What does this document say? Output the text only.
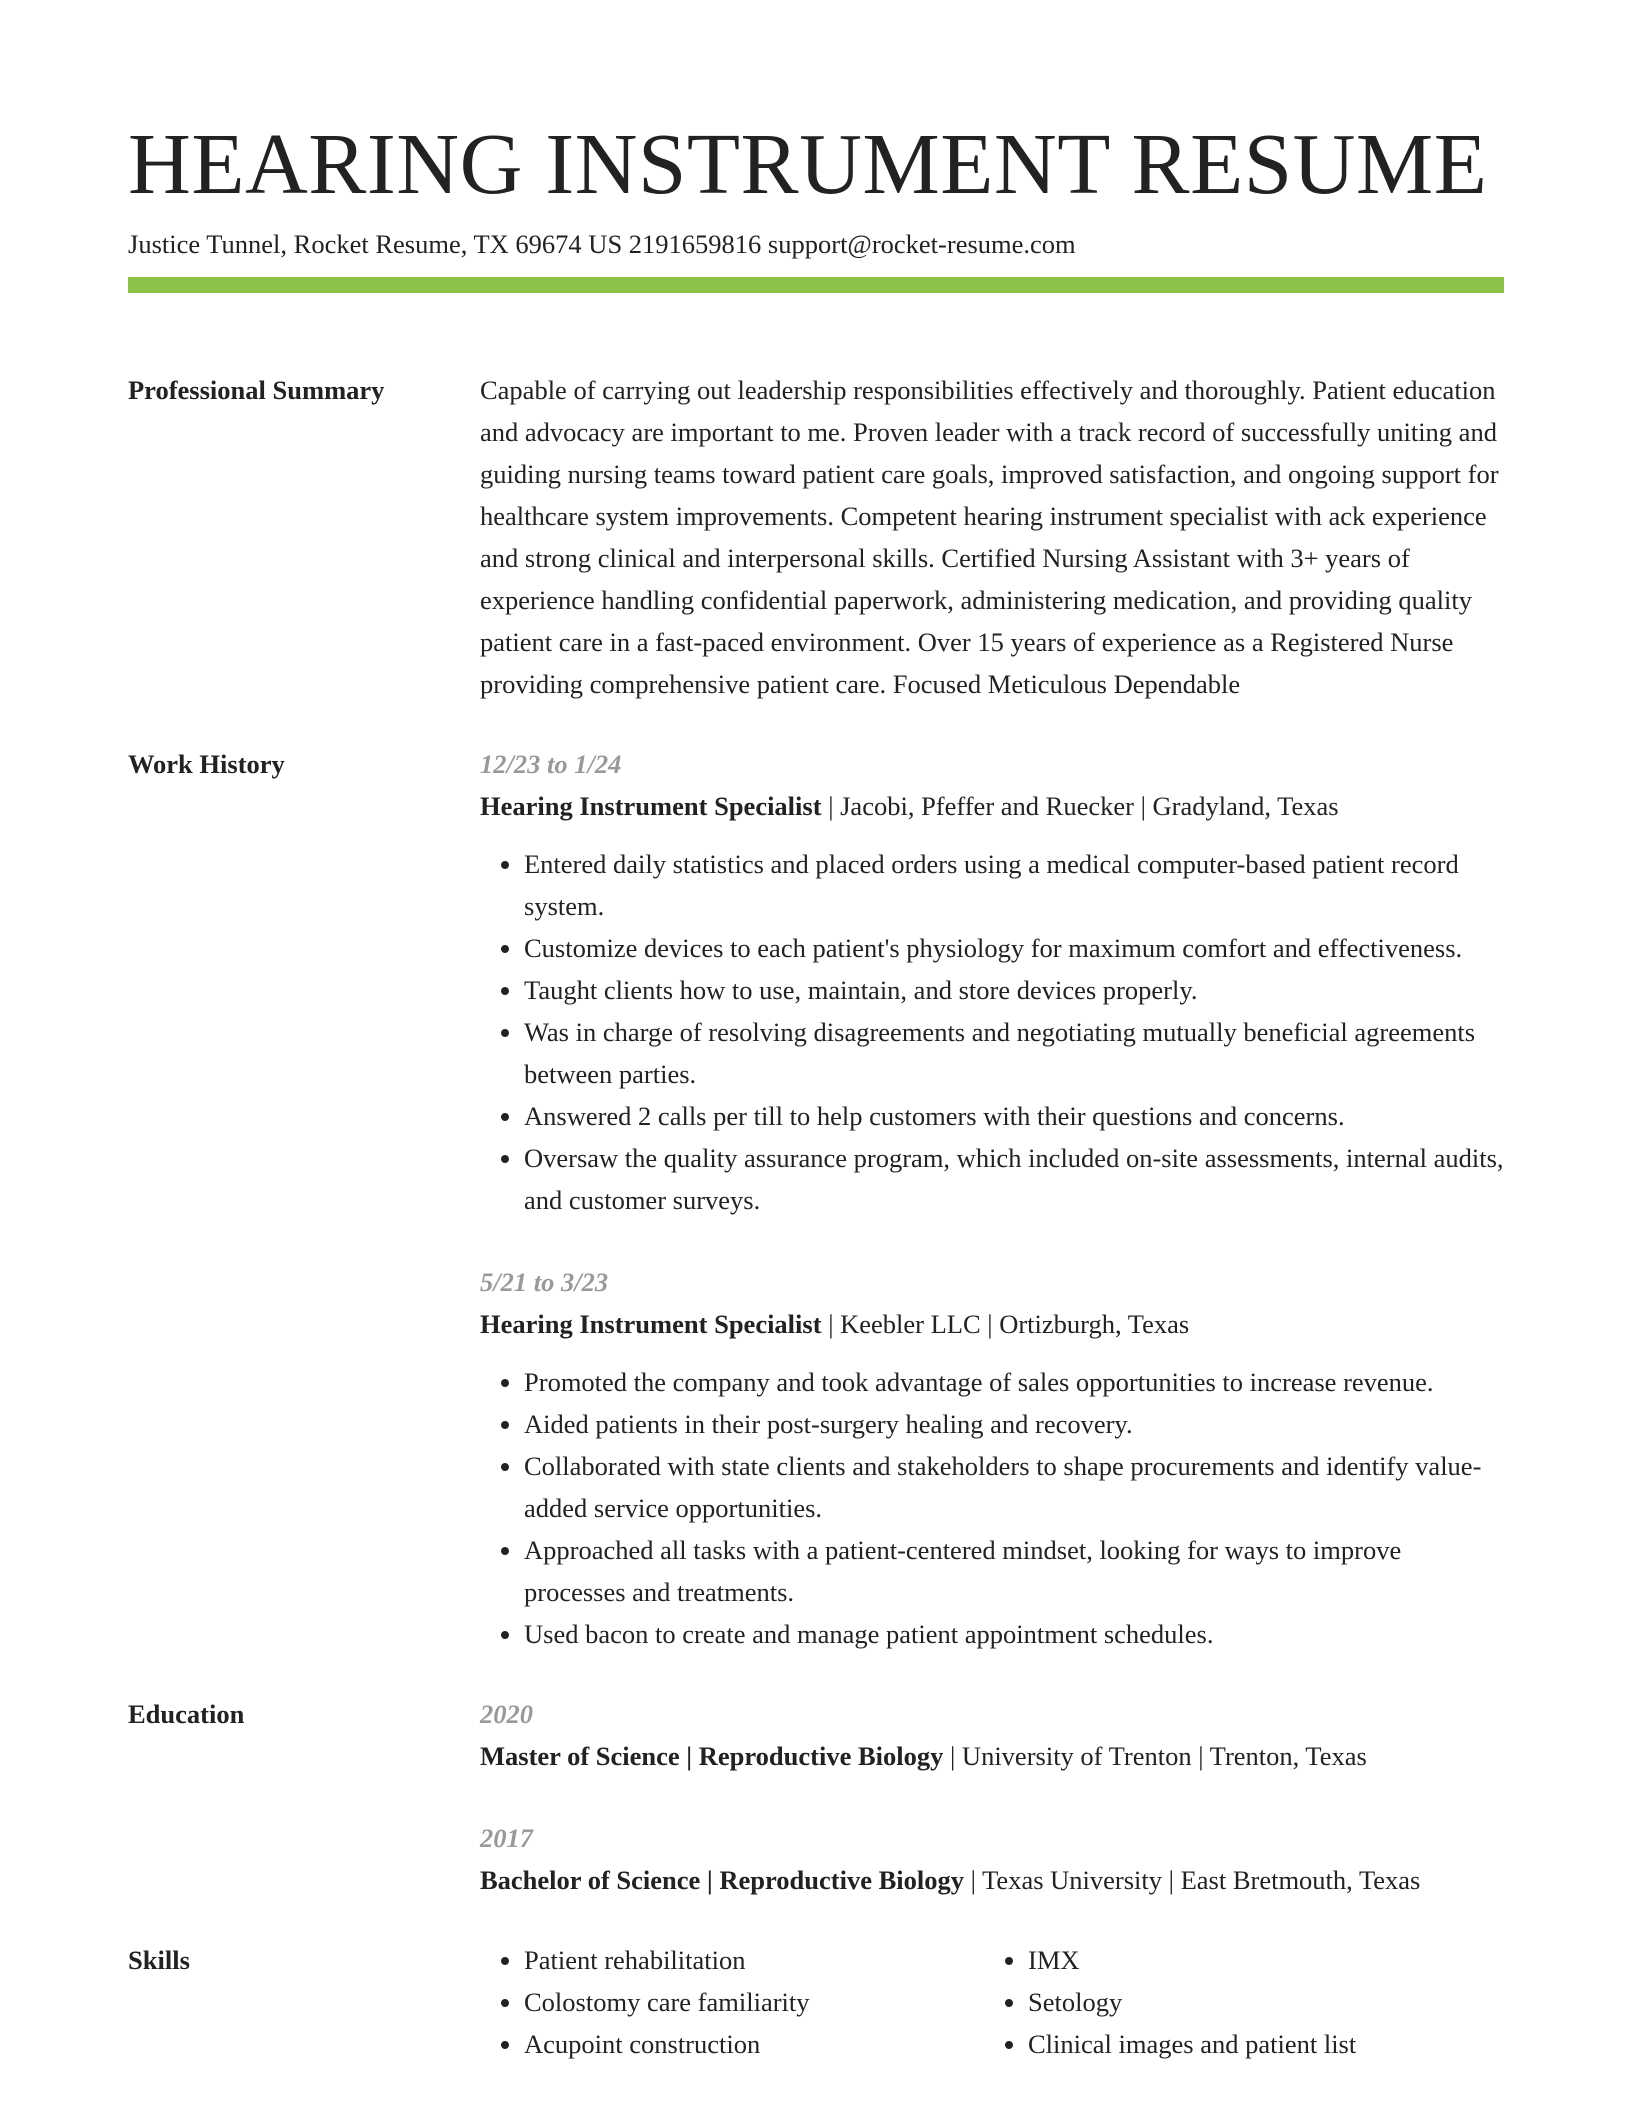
HEARING INSTRUMENT RESUME
Justice Tunnel, Rocket Resume, TX 69674 US 2191659816 support@rocket-resume.com
Professional Summary	Capable of carrying out leadership responsibilities effectively and thoroughly. Patient education and advocacy are important to me. Proven leader with a track record of successfully uniting and guiding nursing teams toward patient care goals, improved satisfaction, and ongoing support for healthcare system improvements. Competent hearing instrument specialist with ack experience and strong clinical and interpersonal skills. Certified Nursing Assistant with 3+ years of experience handling confidential paperwork, administering medication, and providing quality patient care in a fast-paced environment. Over 15 years of experience as a Registered Nurse providing comprehensive patient care. Focused Meticulous Dependable
Work History	12/23 to 1/24
Hearing Instrument Specialist | Jacobi, Pfeffer and Ruecker | Gradyland, Texas
• Entered daily statistics and placed orders using a medical computer-based patient record system.
• Customize devices to each patient's physiology for maximum comfort and effectiveness.
• Taught clients how to use, maintain, and store devices properly.
• Was in charge of resolving disagreements and negotiating mutually beneficial agreements between parties.
• Answered 2 calls per till to help customers with their questions and concerns.
• Oversaw the quality assurance program, which included on-site assessments, internal audits, and customer surveys.
5/21 to 3/23
Hearing Instrument Specialist | Keebler LLC | Ortizburgh, Texas
• Promoted the company and took advantage of sales opportunities to increase revenue.
• Aided patients in their post-surgery healing and recovery.
• Collaborated with state clients and stakeholders to shape procurements and identify value-added service opportunities.
• Approached all tasks with a patient-centered mindset, looking for ways to improve processes and treatments.
• Used bacon to create and manage patient appointment schedules.
Education	2020
Master of Science | Reproductive Biology | University of Trenton | Trenton, Texas
2017
Bachelor of Science | Reproductive Biology | Texas University | East Bretmouth, Texas
Skills
•	Patient rehabilitation
• Colostomy care familiarity
• Acupoint construction
• IMX
• Setology
• Clinical images and patient list
